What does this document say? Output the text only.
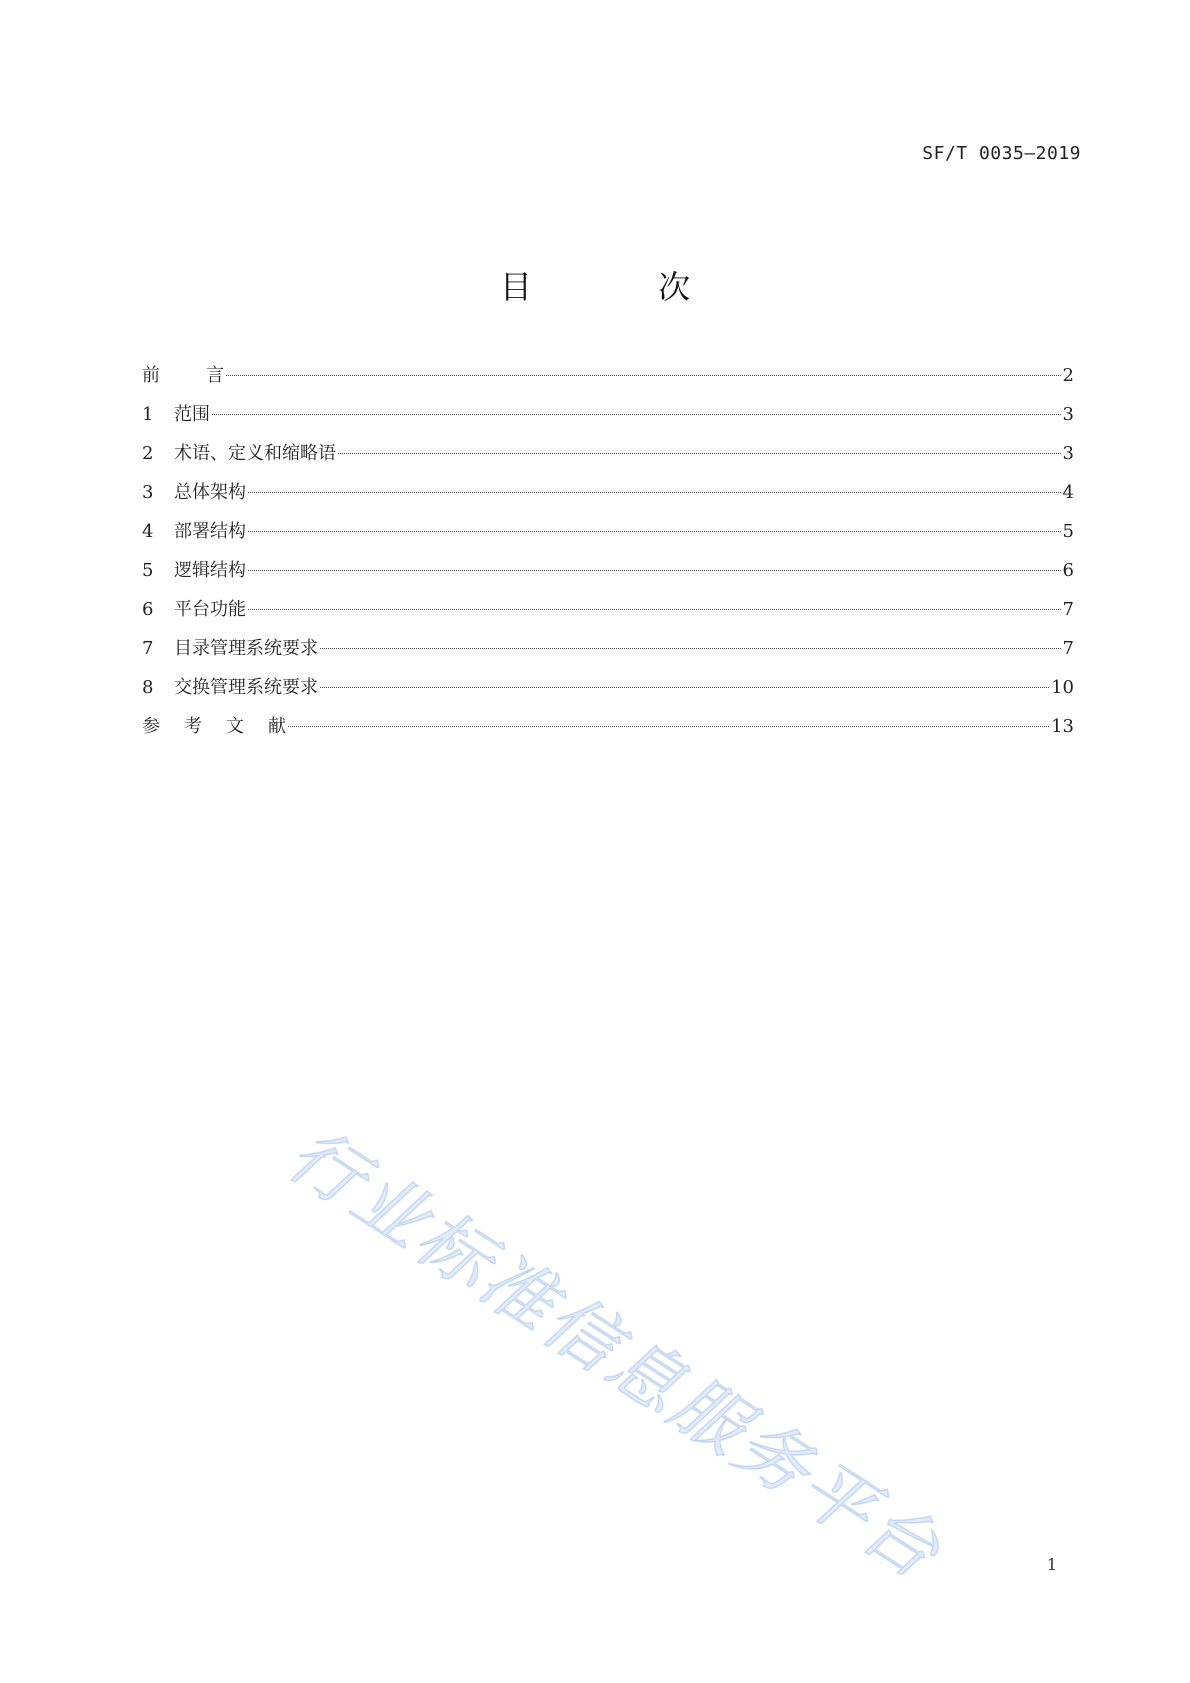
SF/T 0035—2019
目 次
前言	2
1	范围	3
2	术语、定义和缩略语	3
3	总体架构	4
4	部署结构	5
5	逻辑结构	6
6	平台功能	7
7	目录管理系统要求	7
8	交换管理系统要求	10
参考文献	13
行业标准信息服务平台	1
